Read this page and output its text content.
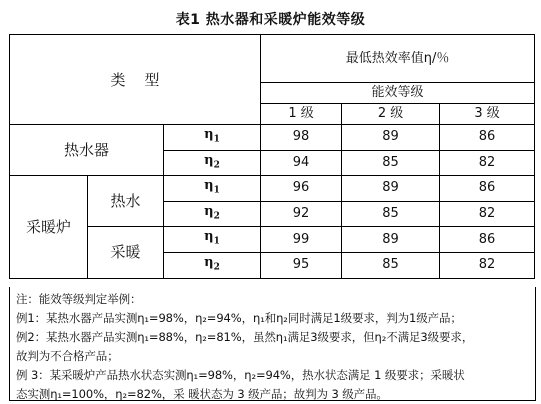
表1 热水器和采暖炉能效等级
类    型			最低热效率值η/％		
			能效等级		
			1 级	2 级	3 级
热水器		$\eta_1$	98	89	86
		$\eta_2$	94	85	82
采暖炉	热水	$\eta_1$	96	89	86
		$\eta_2$	92	85	82
	采暖	$\eta_1$	99	89	86
		$\eta_2$	95	85	82

注：能效等级判定举例：

例1：某热水器产品实测η₁=98%，η₂=94%，η₁和η₂同时满足1级要求，判为1级产品；

例2：某热水器产品实测η₁=88%，η₂=81%，虽然η₁满足3级要求，但η₂不满足3级要求，

故判为不合格产品；

例 3：某采暖炉产品热水状态实测η₁=98%，η₂=94%，热水状态满足 1 级要求；采暖状

态实测η₁=100%，η₂=82%，采 暖状态为 3 级产品；故判为 3 级产品。
